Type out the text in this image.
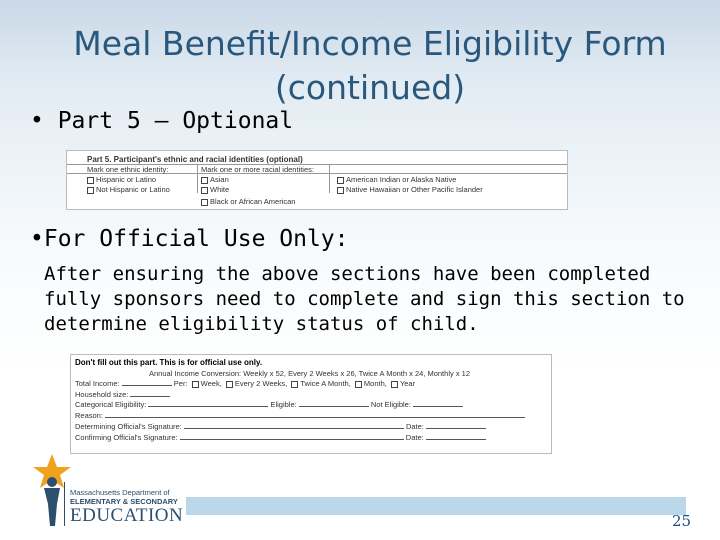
Meal Benefit/Income Eligibility Form
(continued)
• Part 5 – Optional
Part 5. Participant's ethnic and racial identities (optional)
Mark one ethnic identity:	Mark one or more racial identities:
Hispanic or Latino
Not Hispanic or Latino
Asian
White
Black or African American
American Indian or Alaska Native
Native Hawaiian or Other Pacific Islander
•For Official Use Only:
After ensuring the above sections have been completed fully sponsors need to complete and sign this section to determine eligibility status of child.
Don't fill out this part. This is for official use only.
Annual Income Conversion: Weekly x 52, Every 2 Weeks x 26, Twice A Month x 24, Monthly x 12
Total Income:	Per: Week, Every 2 Weeks, Twice A Month, Month, Year
Household size:
Categorical Eligibility:	Eligible:	Not Eligible:
Reason:
Determining Official's Signature:	Date:
Confirming Official's Signature:	Date:
Massachusetts Department of
ELEMENTARY & SECONDARY
EDUCATION	25
